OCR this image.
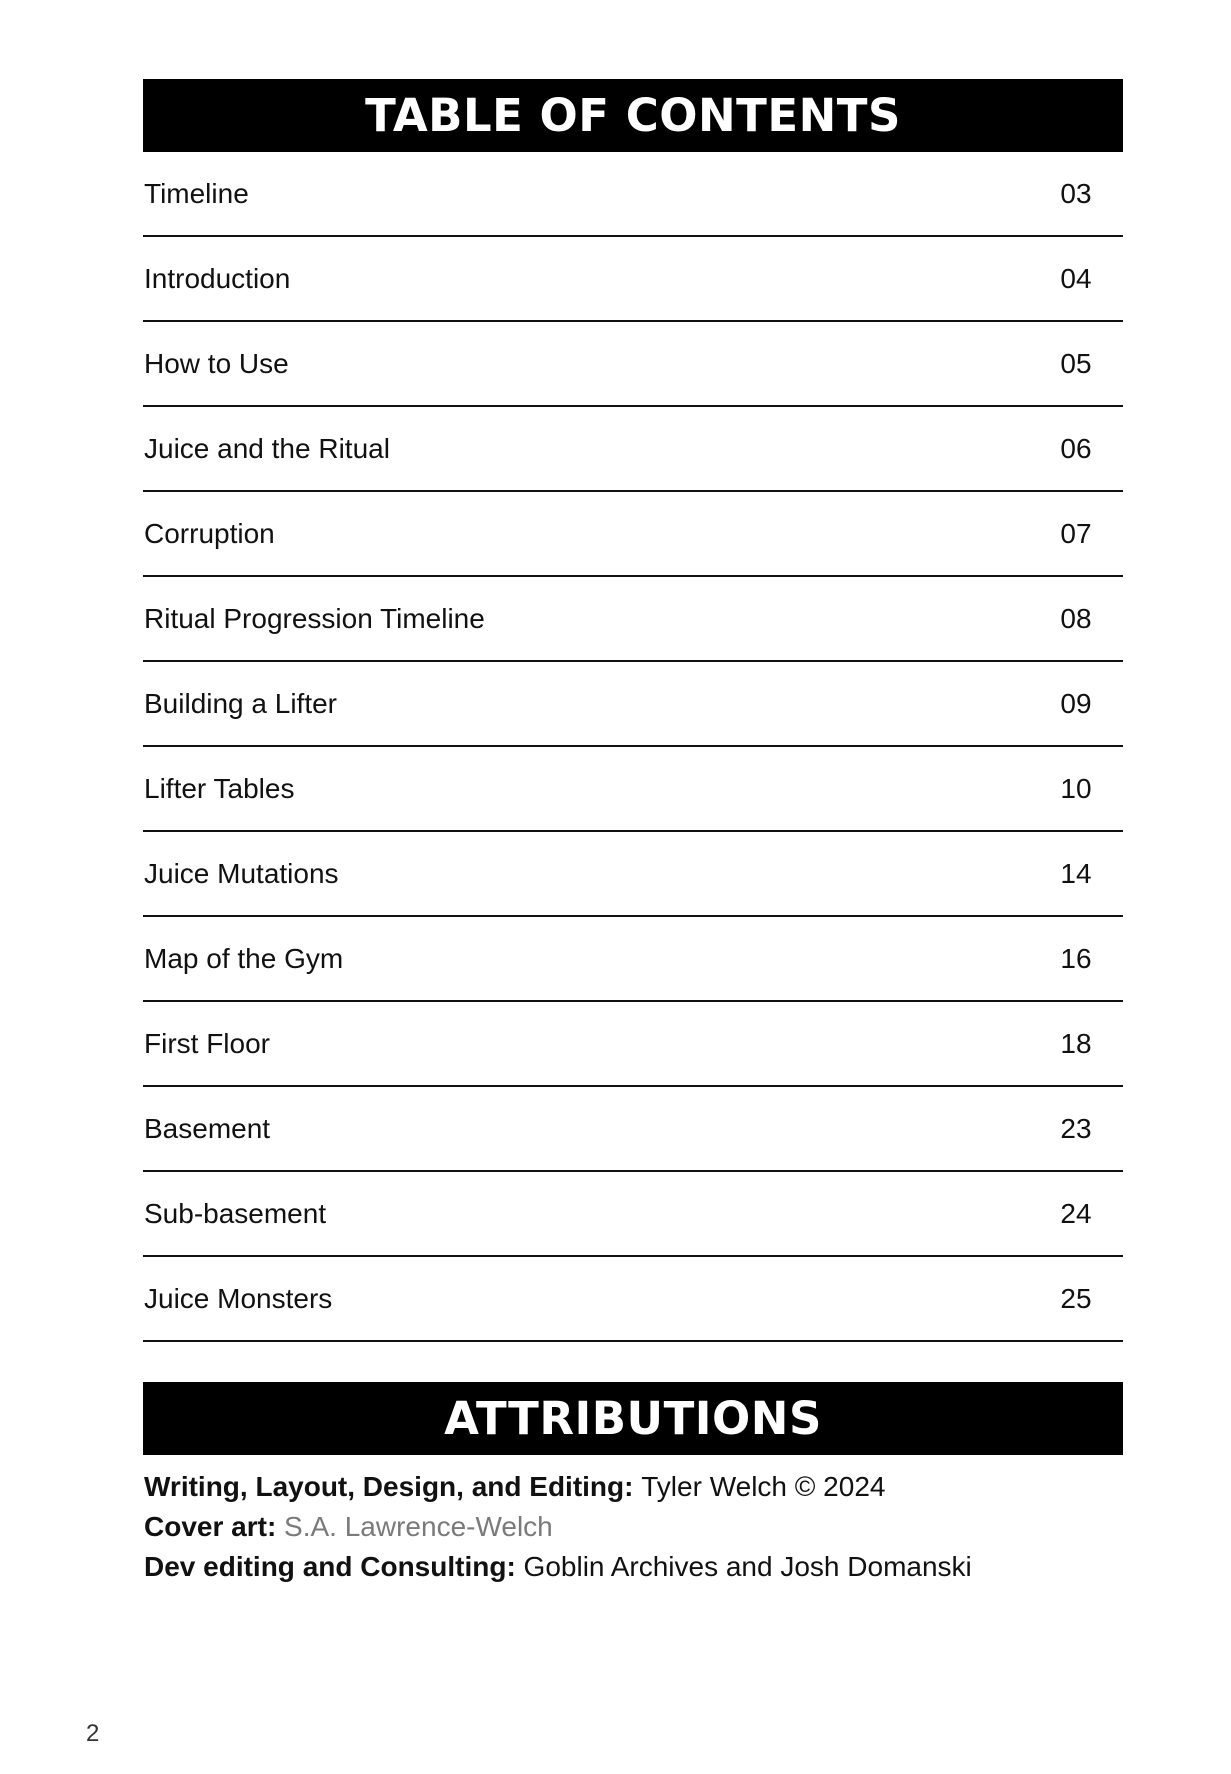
TABLE OF CONTENTS
Timeline	03
Introduction	04
How to Use	05
Juice and the Ritual	06
Corruption	07
Ritual Progression Timeline	08
Building a Lifter	09
Lifter Tables	10
Juice Mutations	14
Map of the Gym	16
First Floor	18
Basement	23
Sub-basement	24
Juice Monsters	25
ATTRIBUTIONS
Writing, Layout, Design, and Editing: Tyler Welch © 2024
Cover art: S.A. Lawrence-Welch
Dev editing and Consulting: Goblin Archives and Josh Domanski
2
